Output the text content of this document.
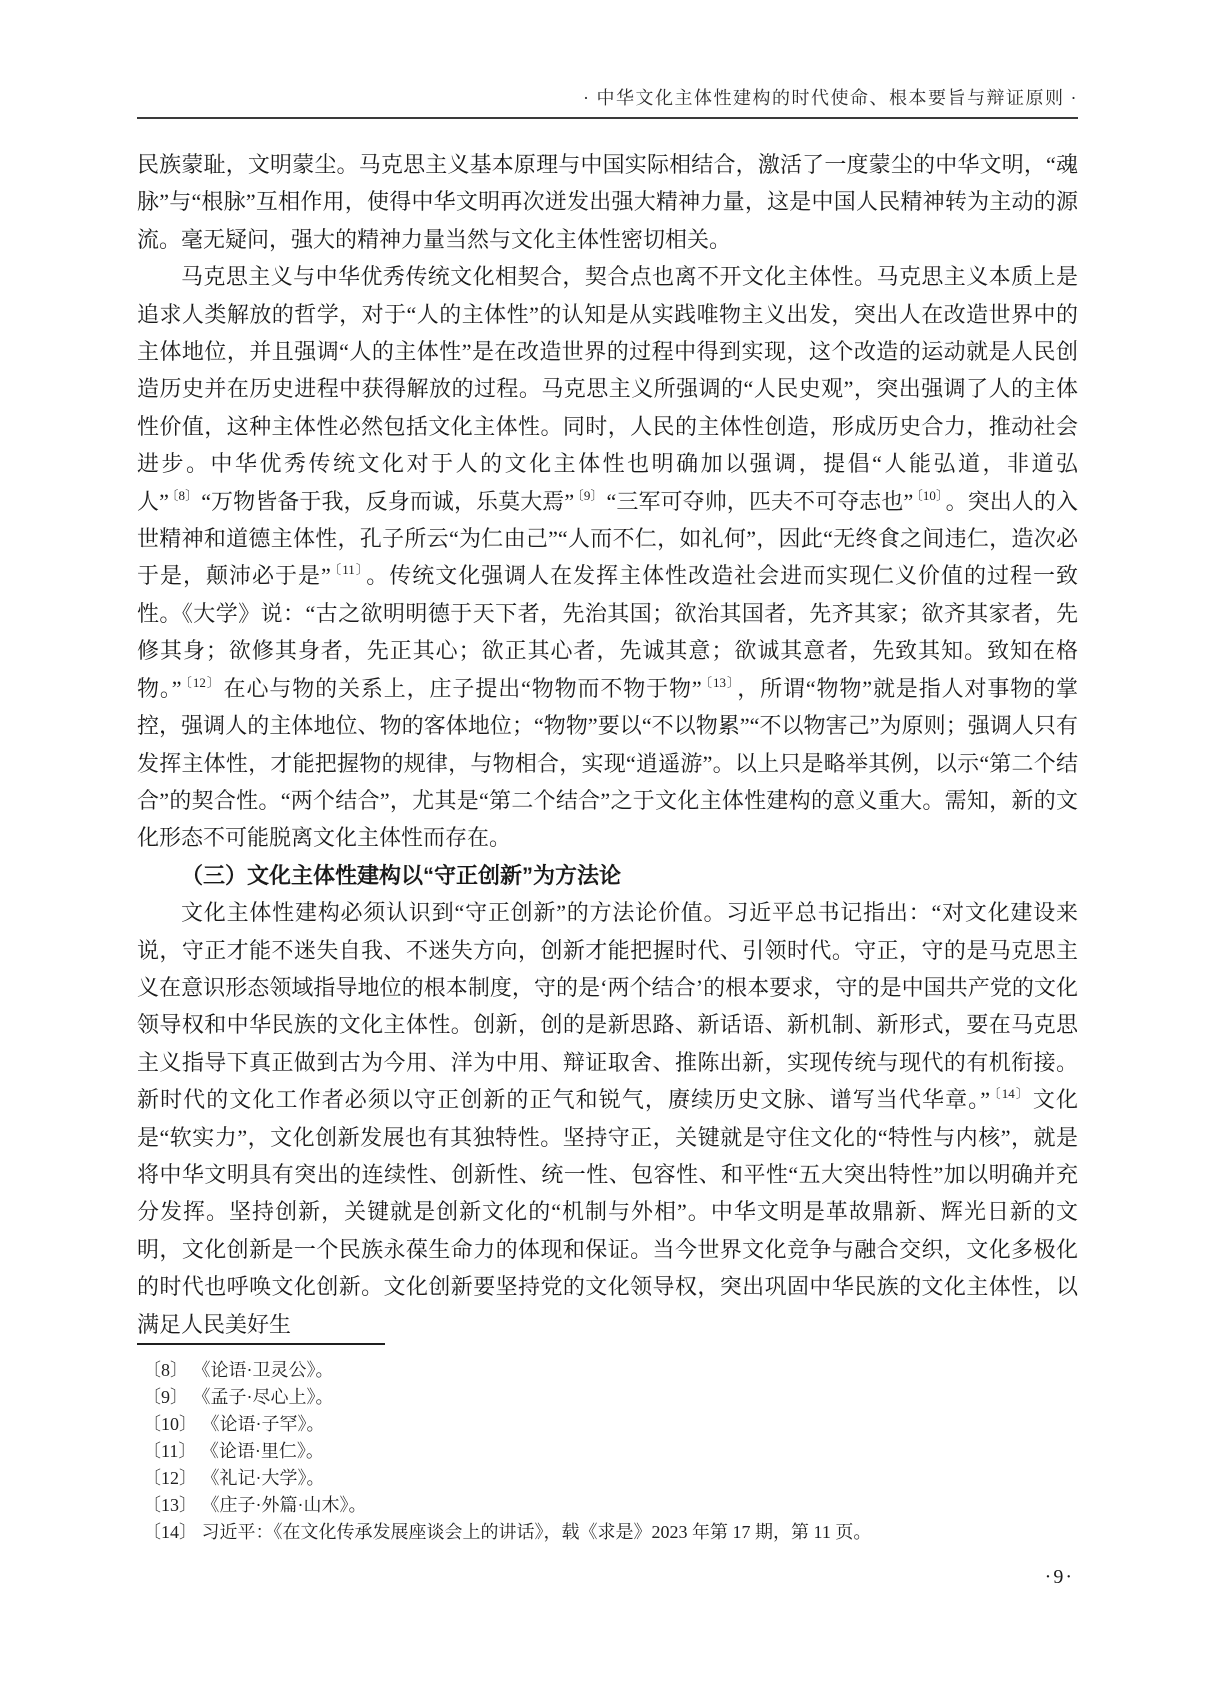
· 中华文化主体性建构的时代使命、根本要旨与辩证原则 ·

民族蒙耻，文明蒙尘。马克思主义基本原理与中国实际相结合，激活了一度蒙尘的中华文明，“魂脉”与“根脉”互相作用，使得中华文明再次迸发出强大精神力量，这是中国人民精神转为主动的源流。毫无疑问，强大的精神力量当然与文化主体性密切相关。

马克思主义与中华优秀传统文化相契合，契合点也离不开文化主体性。马克思主义本质上是追求人类解放的哲学，对于“人的主体性”的认知是从实践唯物主义出发，突出人在改造世界中的主体地位，并且强调“人的主体性”是在改造世界的过程中得到实现，这个改造的运动就是人民创造历史并在历史进程中获得解放的过程。马克思主义所强调的“人民史观”，突出强调了人的主体性价值，这种主体性必然包括文化主体性。同时，人民的主体性创造，形成历史合力，推动社会进步。中华优秀传统文化对于人的文化主体性也明确加以强调，提倡“人能弘道，非道弘人” $^{〔8〕}$ “万物皆备于我，反身而诚，乐莫大焉” $^{〔9〕}$ “三军可夺帅，匹夫不可夺志也” $^{〔10〕}$ 。突出人的入世精神和道德主体性，孔子所云“为仁由己”“人而不仁，如礼何”，因此“无终食之间违仁，造次必于是，颠沛必于是” $^{〔11〕}$ 。传统文化强调人在发挥主体性改造社会进而实现仁义价值的过程一致性。《大学》说：“古之欲明明德于天下者，先治其国；欲治其国者，先齐其家；欲齐其家者，先修其身；欲修其身者，先正其心；欲正其心者，先诚其意；欲诚其意者，先致其知。致知在格物。” $^{〔12〕}$ 在心与物的关系上，庄子提出“物物而不物于物” $^{〔13〕}$ ，所谓“物物”就是指人对事物的掌控，强调人的主体地位、物的客体地位；“物物”要以“不以物累”“不以物害己”为原则；强调人只有发挥主体性，才能把握物的规律，与物相合，实现“逍遥游”。以上只是略举其例，以示“第二个结合”的契合性。“两个结合”，尤其是“第二个结合”之于文化主体性建构的意义重大。需知，新的文化形态不可能脱离文化主体性而存在。

（三）文化主体性建构以“守正创新”为方法论

文化主体性建构必须认识到“守正创新”的方法论价值。习近平总书记指出：“对文化建设来说，守正才能不迷失自我、不迷失方向，创新才能把握时代、引领时代。守正，守的是马克思主义在意识形态领域指导地位的根本制度，守的是‘两个结合’的根本要求，守的是中国共产党的文化领导权和中华民族的文化主体性。创新，创的是新思路、新话语、新机制、新形式，要在马克思主义指导下真正做到古为今用、洋为中用、辩证取舍、推陈出新，实现传统与现代的有机衔接。新时代的文化工作者必须以守正创新的正气和锐气，赓续历史文脉、谱写当代华章。” $^{〔14〕}$ 文化是“软实力”，文化创新发展也有其独特性。坚持守正，关键就是守住文化的“特性与内核”，就是将中华文明具有突出的连续性、创新性、统一性、包容性、和平性“五大突出特性”加以明确并充分发挥。坚持创新，关键就是创新文化的“机制与外相”。中华文明是革故鼎新、辉光日新的文明，文化创新是一个民族永葆生命力的体现和保证。当今世界文化竞争与融合交织，文化多极化的时代也呼唤文化创新。文化创新要坚持党的文化领导权，突出巩固中华民族的文化主体性，以满足人民美好生

〔8〕 《论语·卫灵公》。
〔9〕 《孟子·尽心上》。
〔10〕 《论语·子罕》。
〔11〕 《论语·里仁》。
〔12〕 《礼记·大学》。
〔13〕 《庄子·外篇·山木》。
〔14〕 习近平：《在文化传承发展座谈会上的讲话》，载《求是》2023 年第 17 期，第 11 页。
·9·
